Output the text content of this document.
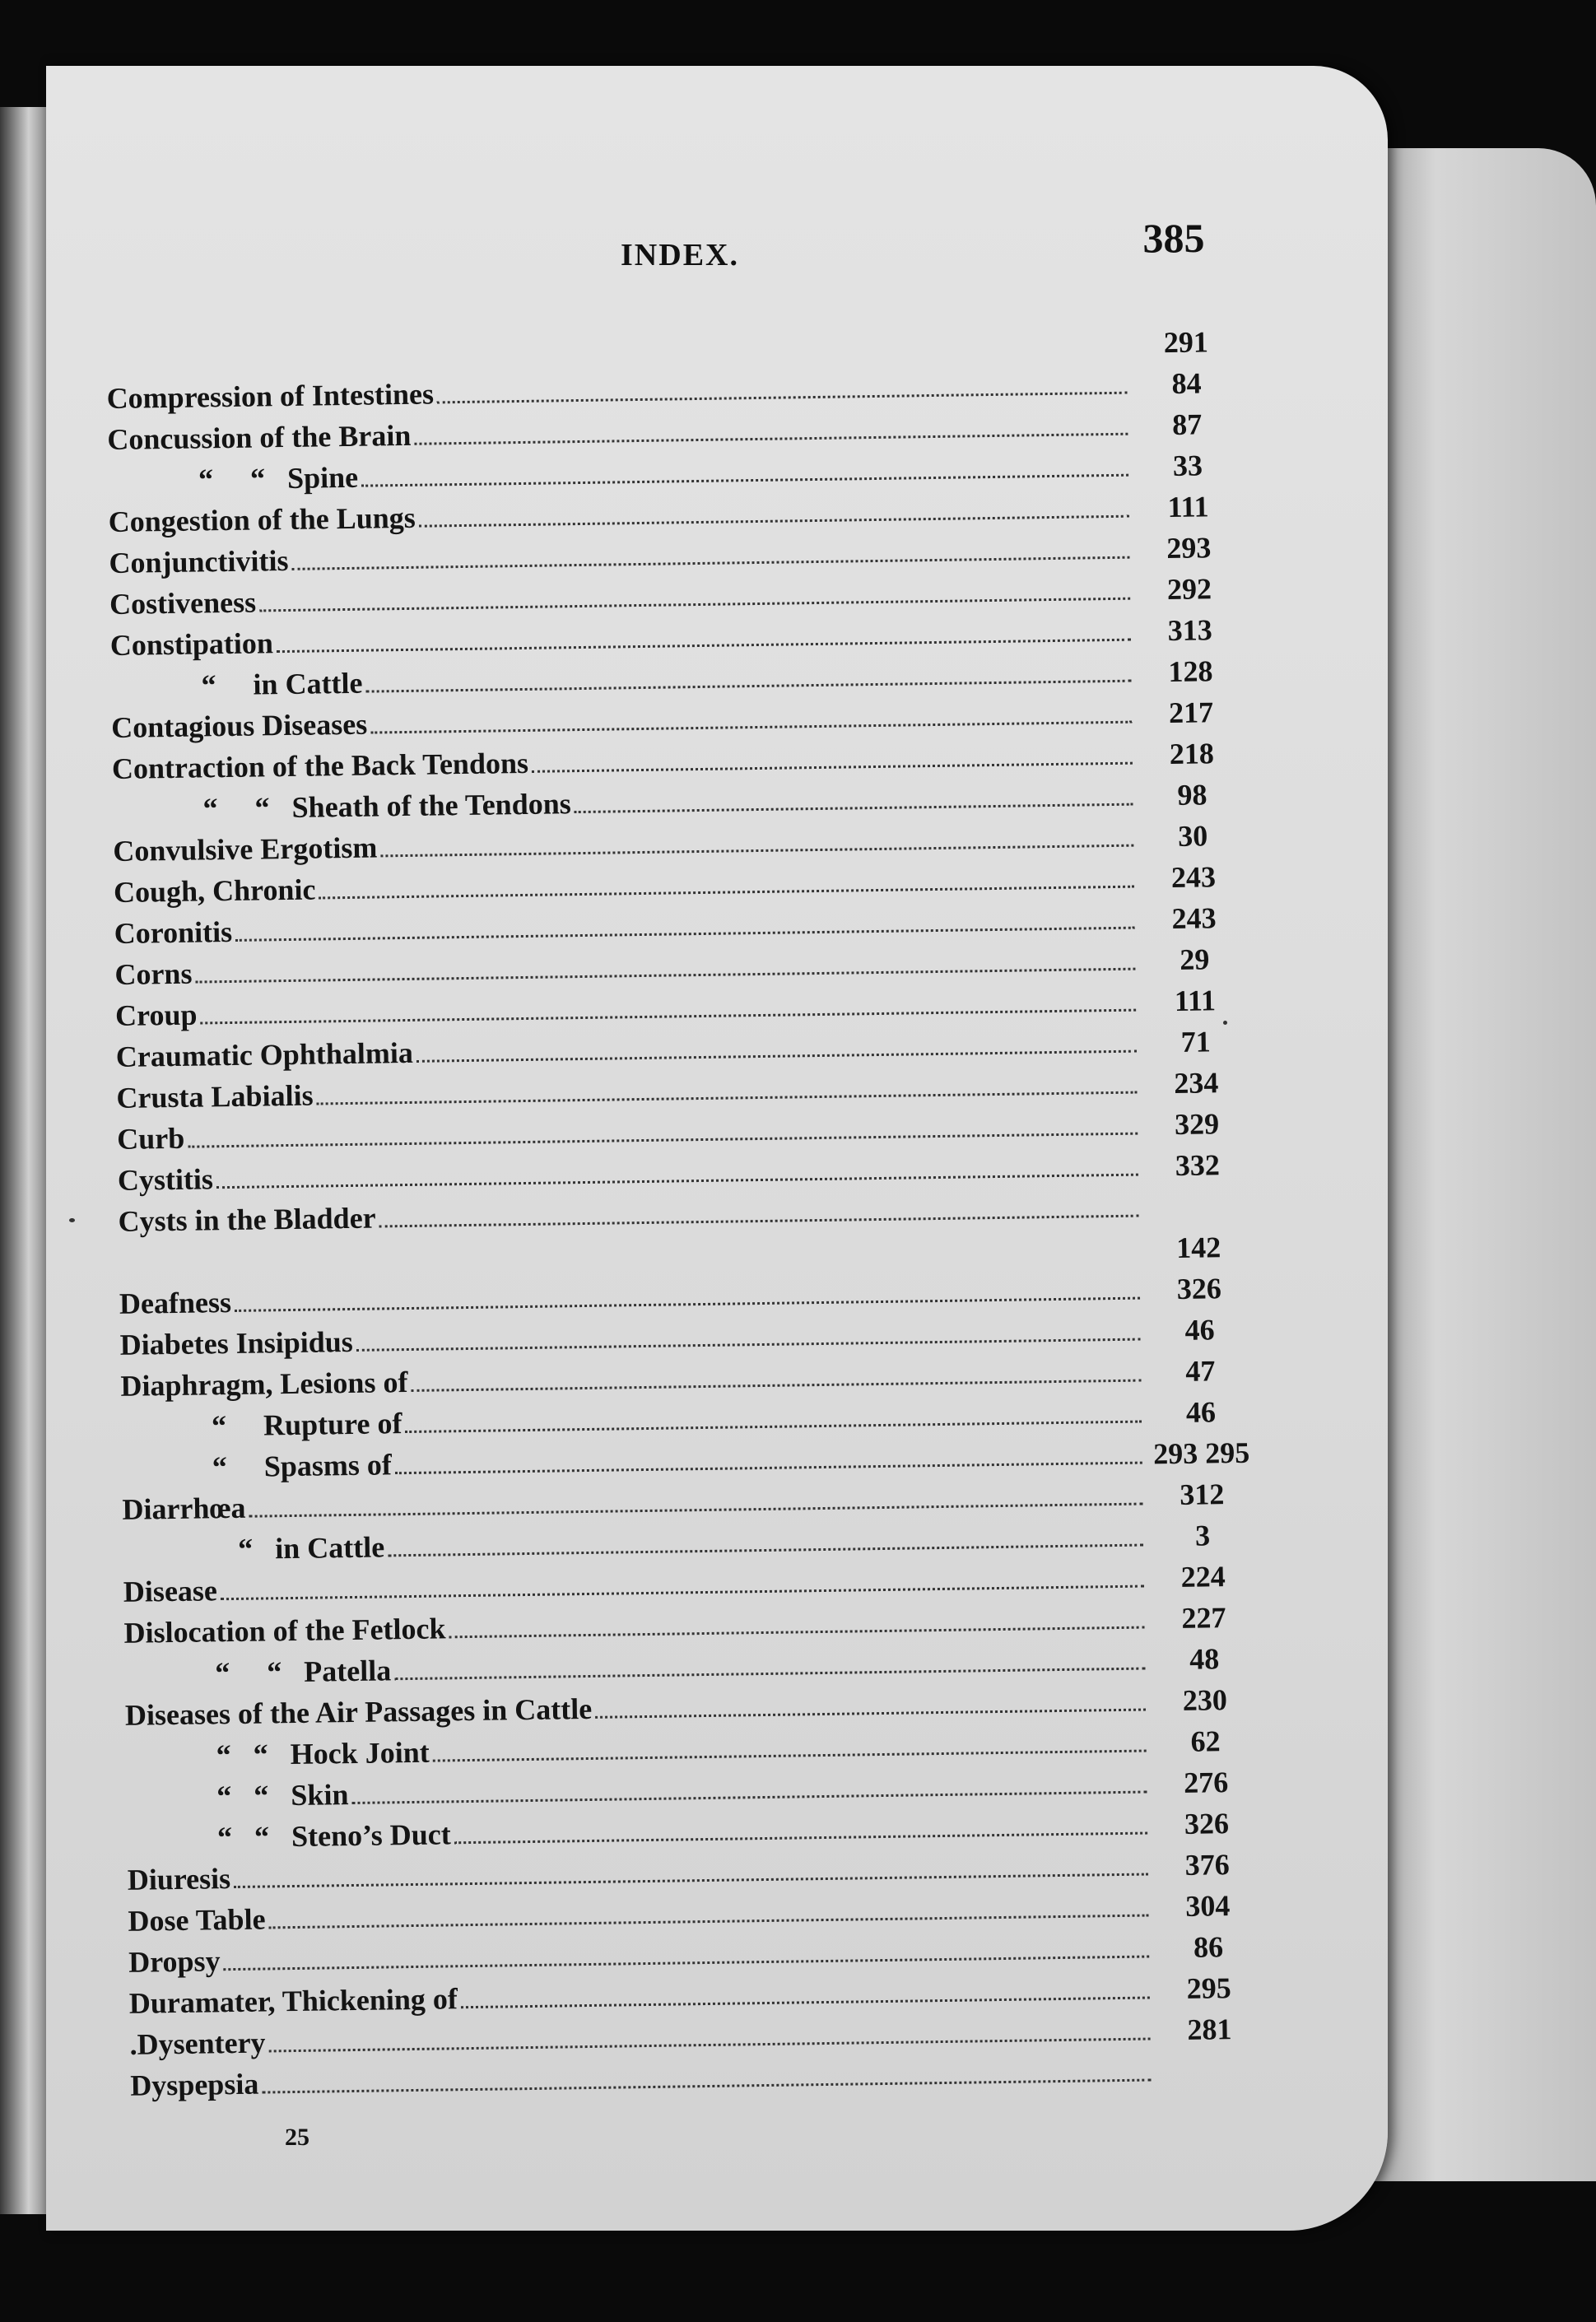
INDEX.	385
Compression of Intestines
Concussion of the Brain
“     “   Spine
Congestion of the Lungs
Conjunctivitis
Costiveness
Constipation
“     in Cattle
Contagious Diseases
Contraction of the Back Tendons
“     “   Sheath of the Tendons
Convulsive Ergotism
Cough, Chronic
Coronitis
Corns
Croup
Craumatic Ophthalmia
Crusta Labialis
Curb
Cystitis
Cysts in the Bladder
Deafness
Diabetes Insipidus
Diaphragm, Lesions of
“     Rupture of
“     Spasms of
Diarrhœa
“   in Cattle
Disease
Dislocation of the Fetlock
“     “   Patella
Diseases of the Air Passages in Cattle
“   “   Hock Joint
“   “   Skin
“   “   Steno’s Duct
Diuresis
Dose Table
Dropsy
Duramater, Thickening of
.Dysentery
Dyspepsia
291
84
87
33
111
293
292
313
128
217
218
98
30
243
243
29
111
71
234
329
332
142
326
46
47
46
293 295
312
3
224
227
48
230
62
276
326
376
304
86
295
281
25
